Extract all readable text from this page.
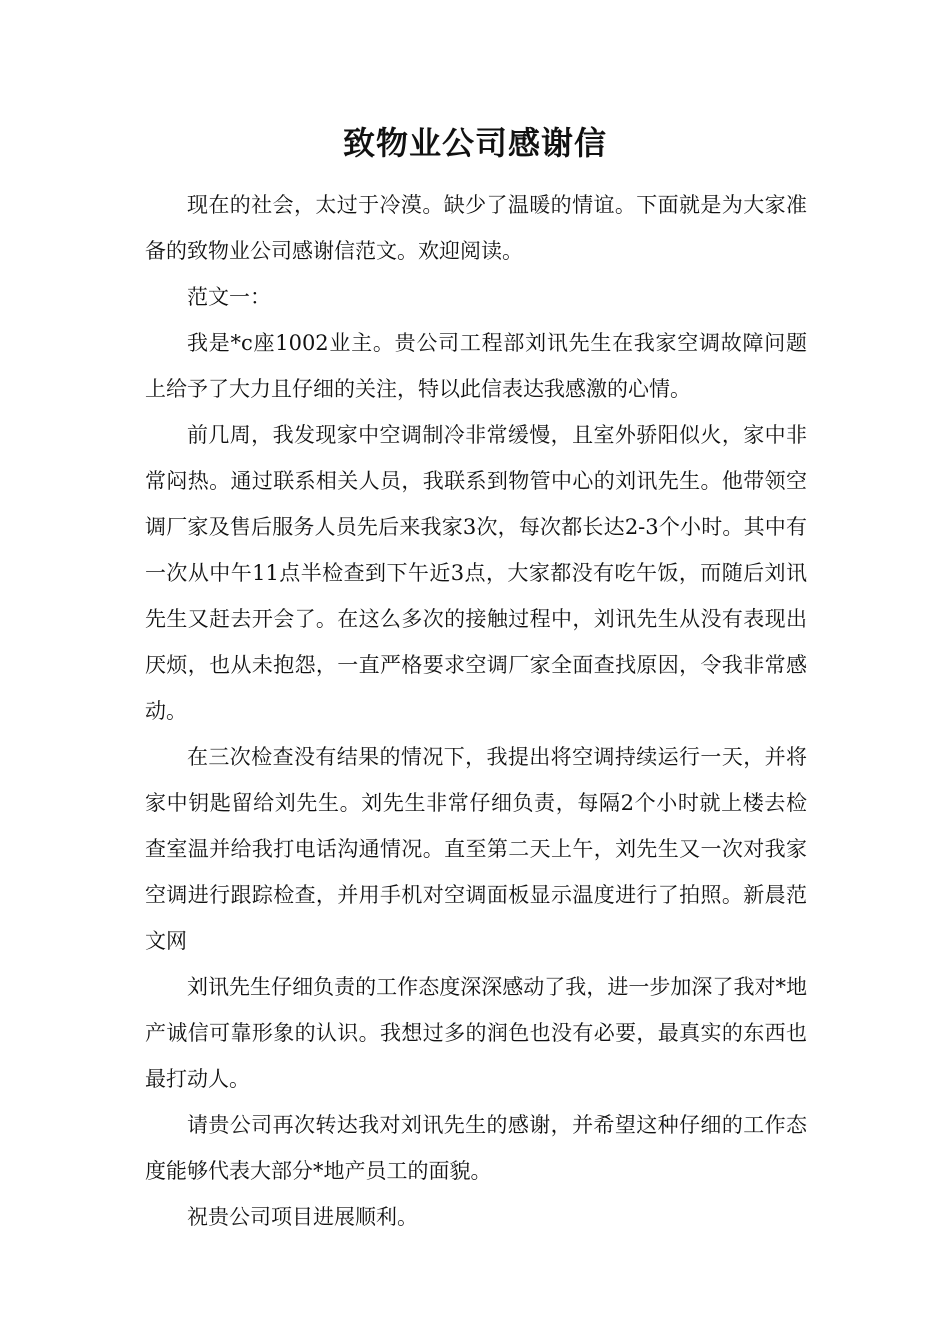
致物业公司感谢信

现在的社会，太过于冷漠。缺少了温暖的情谊。下面就是为大家准备的致物业公司感谢信范文。欢迎阅读。

范文一：

我是*c座1002业主。贵公司工程部刘讯先生在我家空调故障问题上给予了大力且仔细的关注，特以此信表达我感激的心情。

前几周，我发现家中空调制冷非常缓慢，且室外骄阳似火，家中非常闷热。通过联系相关人员，我联系到物管中心的刘讯先生。他带领空调厂家及售后服务人员先后来我家3次，每次都长达2-3个小时。其中有一次从中午11点半检查到下午近3点，大家都没有吃午饭，而随后刘讯先生又赶去开会了。在这么多次的接触过程中，刘讯先生从没有表现出厌烦，也从未抱怨，一直严格要求空调厂家全面查找原因，令我非常感动。

在三次检查没有结果的情况下，我提出将空调持续运行一天，并将家中钥匙留给刘先生。刘先生非常仔细负责，每隔2个小时就上楼去检查室温并给我打电话沟通情况。直至第二天上午，刘先生又一次对我家空调进行跟踪检查，并用手机对空调面板显示温度进行了拍照。新晨范文网

刘讯先生仔细负责的工作态度深深感动了我，进一步加深了我对*地产诚信可靠形象的认识。我想过多的润色也没有必要，最真实的东西也最打动人。

请贵公司再次转达我对刘讯先生的感谢，并希望这种仔细的工作态度能够代表大部分*地产员工的面貌。

祝贵公司项目进展顺利。
